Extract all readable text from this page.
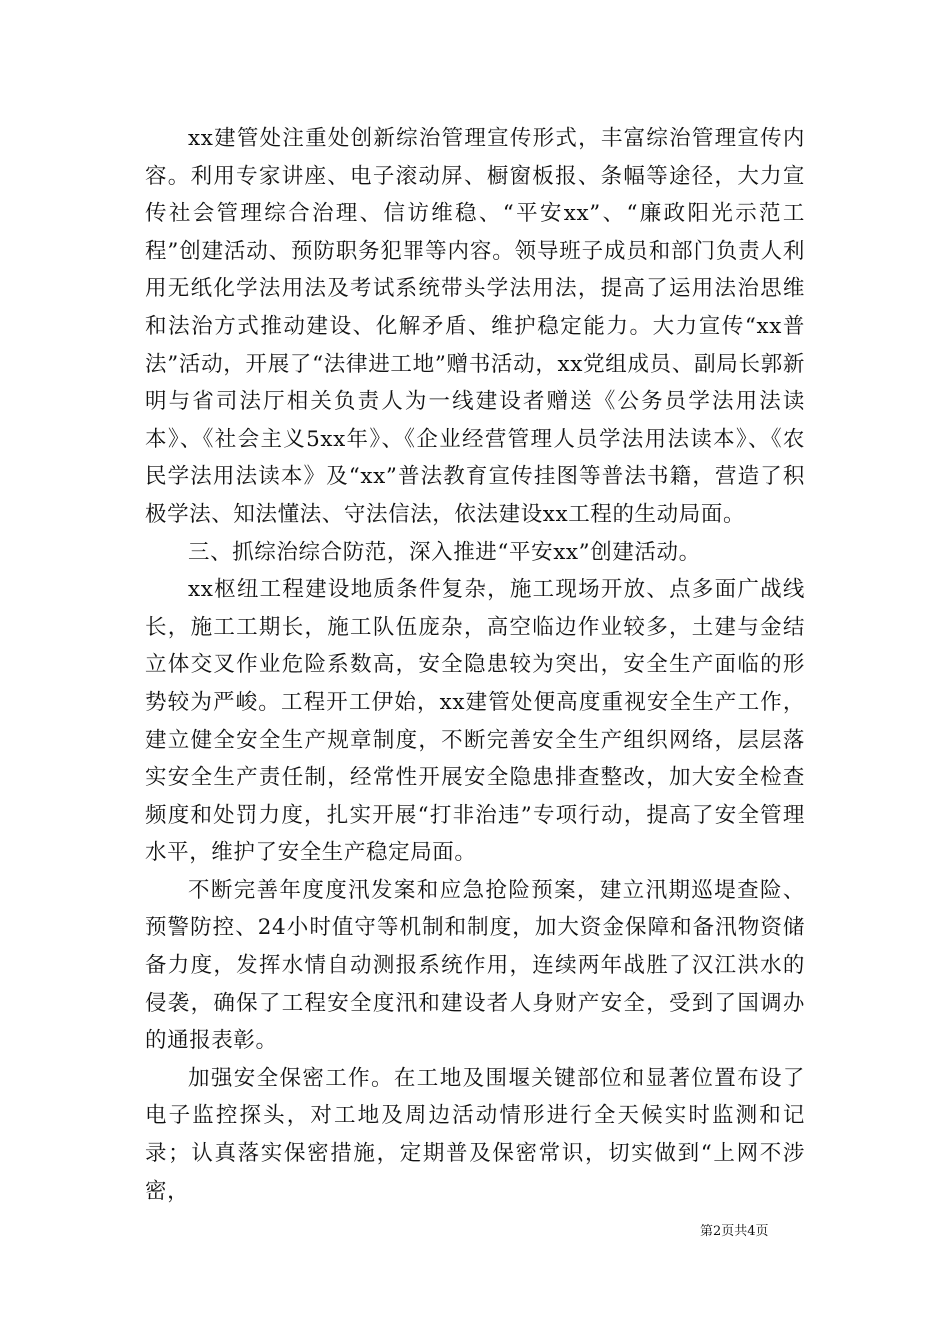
xx建管处注重处创新综治管理宣传形式，丰富综治管理宣传内容。利用专家讲座、电子滚动屏、橱窗板报、条幅等途径，大力宣传社会管理综合治理、信访维稳、“平安xx”、“廉政阳光示范工程”创建活动、预防职务犯罪等内容。领导班子成员和部门负责人利用无纸化学法用法及考试系统带头学法用法，提高了运用法治思维和法治方式推动建设、化解矛盾、维护稳定能力。大力宣传“xx普法”活动，开展了“法律进工地”赠书活动，xx党组成员、副局长郭新明与省司法厅相关负责人为一线建设者赠送《公务员学法用法读本》、《社会主义5xx年》、《企业经营管理人员学法用法读本》、《农民学法用法读本》及“xx”普法教育宣传挂图等普法书籍，营造了积极学法、知法懂法、守法信法，依法建设xx工程的生动局面。

三、抓综治综合防范，深入推进“平安xx”创建活动。

xx枢纽工程建设地质条件复杂，施工现场开放、点多面广战线长，施工工期长，施工队伍庞杂，高空临边作业较多，土建与金结立体交叉作业危险系数高，安全隐患较为突出，安全生产面临的形势较为严峻。工程开工伊始，xx建管处便高度重视安全生产工作，建立健全安全生产规章制度，不断完善安全生产组织网络，层层落实安全生产责任制，经常性开展安全隐患排查整改，加大安全检查频度和处罚力度，扎实开展“打非治违”专项行动，提高了安全管理水平，维护了安全生产稳定局面。

不断完善年度度汛发案和应急抢险预案，建立汛期巡堤查险、预警防控、24小时值守等机制和制度，加大资金保障和备汛物资储备力度，发挥水情自动测报系统作用，连续两年战胜了汉江洪水的侵袭，确保了工程安全度汛和建设者人身财产安全，受到了国调办的通报表彰。

加强安全保密工作。在工地及围堰关键部位和显著位置布设了电子监控探头，对工地及周边活动情形进行全天候实时监测和记录；认真落实保密措施，定期普及保密常识，切实做到“上网不涉密，

第2页共4页
